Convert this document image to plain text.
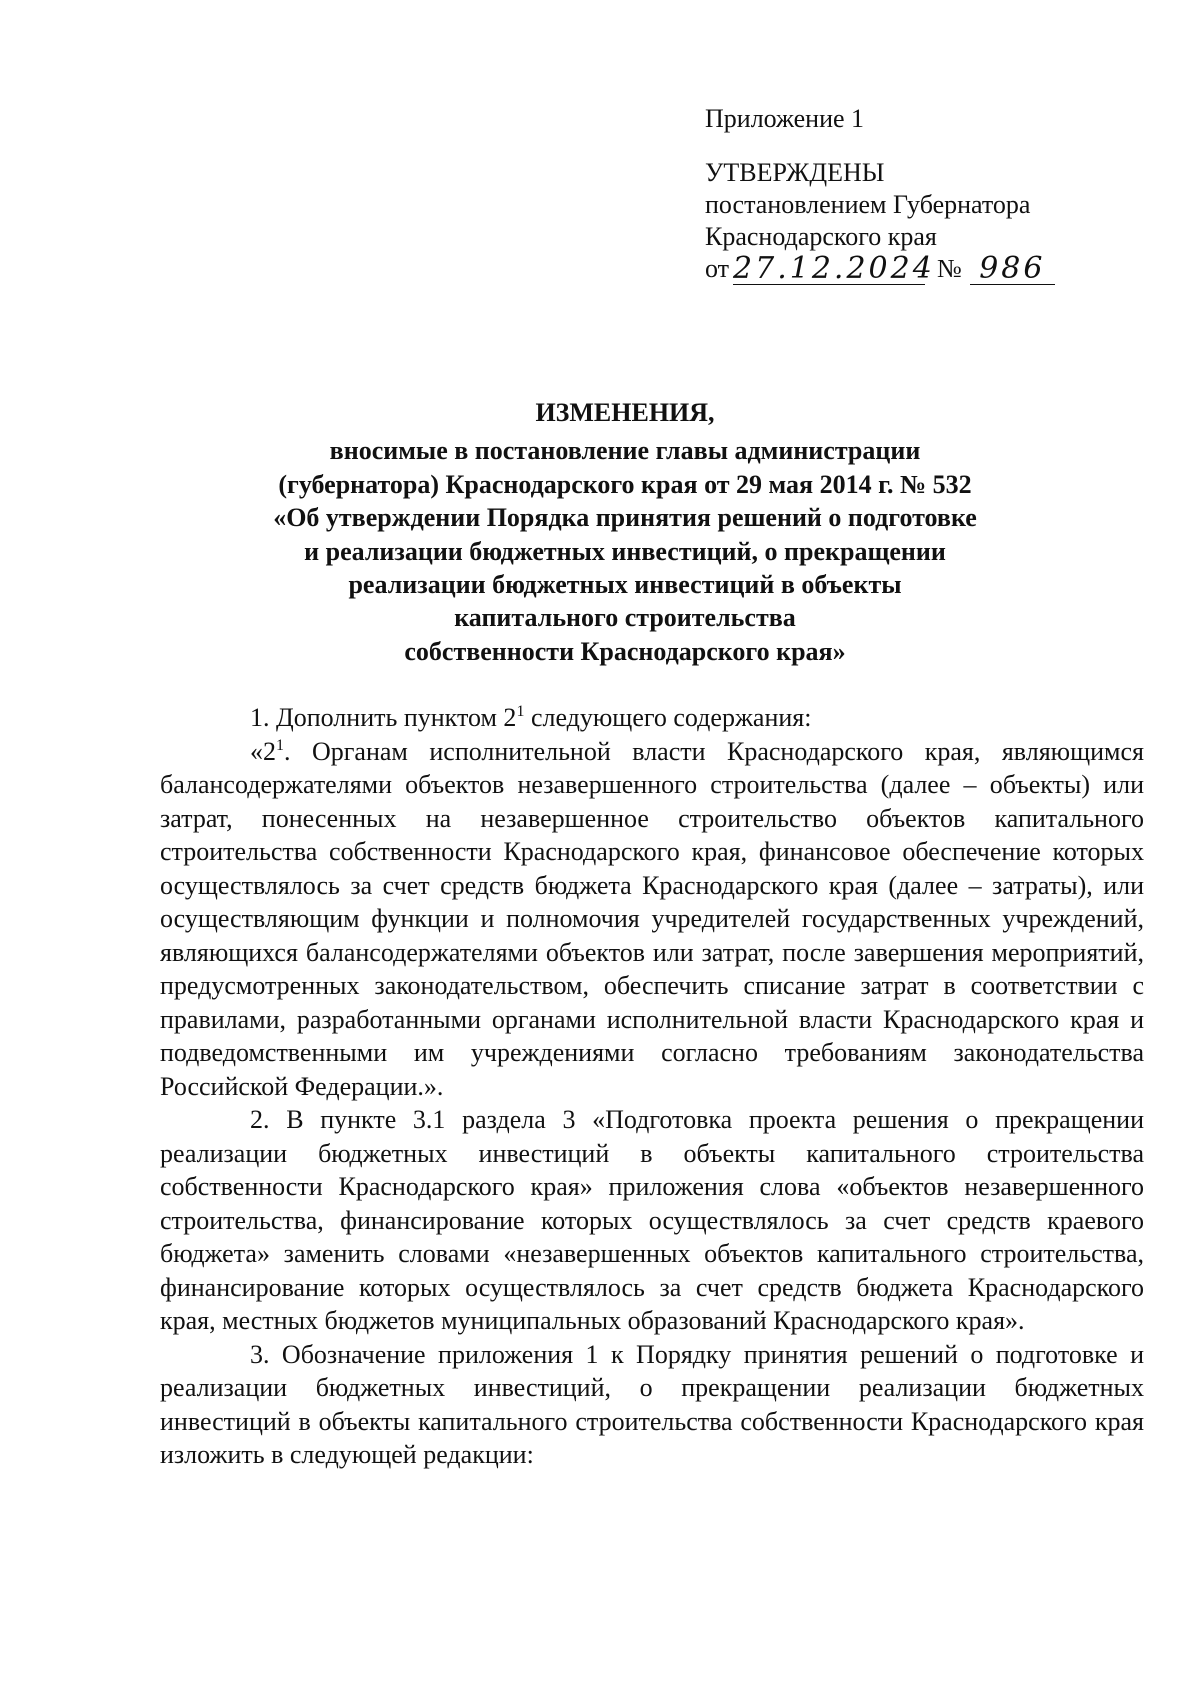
Приложение 1
УТВЕРЖДЕНЫ
постановлением Губернатора
Краснодарского края
от 27.12.2024 № 986
ИЗМЕНЕНИЯ,
вносимые в постановление главы администрации
(губернатора) Краснодарского края от 29 мая 2014 г. № 532
«Об утверждении Порядка принятия решений о подготовке
и реализации бюджетных инвестиций, о прекращении
реализации бюджетных инвестиций в объекты
капитального строительства
собственности Краснодарского края»

1. Дополнить пунктом $2^1$ следующего содержания:

«$2^1$. Органам исполнительной власти Краснодарского края, являющимся балансодержателями объектов незавершенного строительства (далее – объекты) или затрат, понесенных на незавершенное строительство объектов капитального строительства собственности Краснодарского края, финансовое обеспечение которых осуществлялось за счет средств бюджета Краснодарского края (далее – затраты), или осуществляющим функции и полномочия учредителей государственных учреждений, являющихся балансодержателями объектов или затрат, после завершения мероприятий, предусмотренных законодательством, обеспечить списание затрат в соответствии с правилами, разработанными органами исполнительной власти Краснодарского края и подведомственными им учреждениями согласно требованиям законодательства Российской Федерации.».

2. В пункте 3.1 раздела 3 «Подготовка проекта решения о прекращении реализации бюджетных инвестиций в объекты капитального строительства собственности Краснодарского края» приложения слова «объектов незавершенного строительства, финансирование которых осуществлялось за счет средств краевого бюджета» заменить словами «незавершенных объектов капитального строительства, финансирование которых осуществлялось за счет средств бюджета Краснодарского края, местных бюджетов муниципальных образований Краснодарского края».

3. Обозначение приложения 1 к Порядку принятия решений о подготовке и реализации бюджетных инвестиций, о прекращении реализации бюджетных инвестиций в объекты капитального строительства собственности Краснодарского края изложить в следующей редакции:
